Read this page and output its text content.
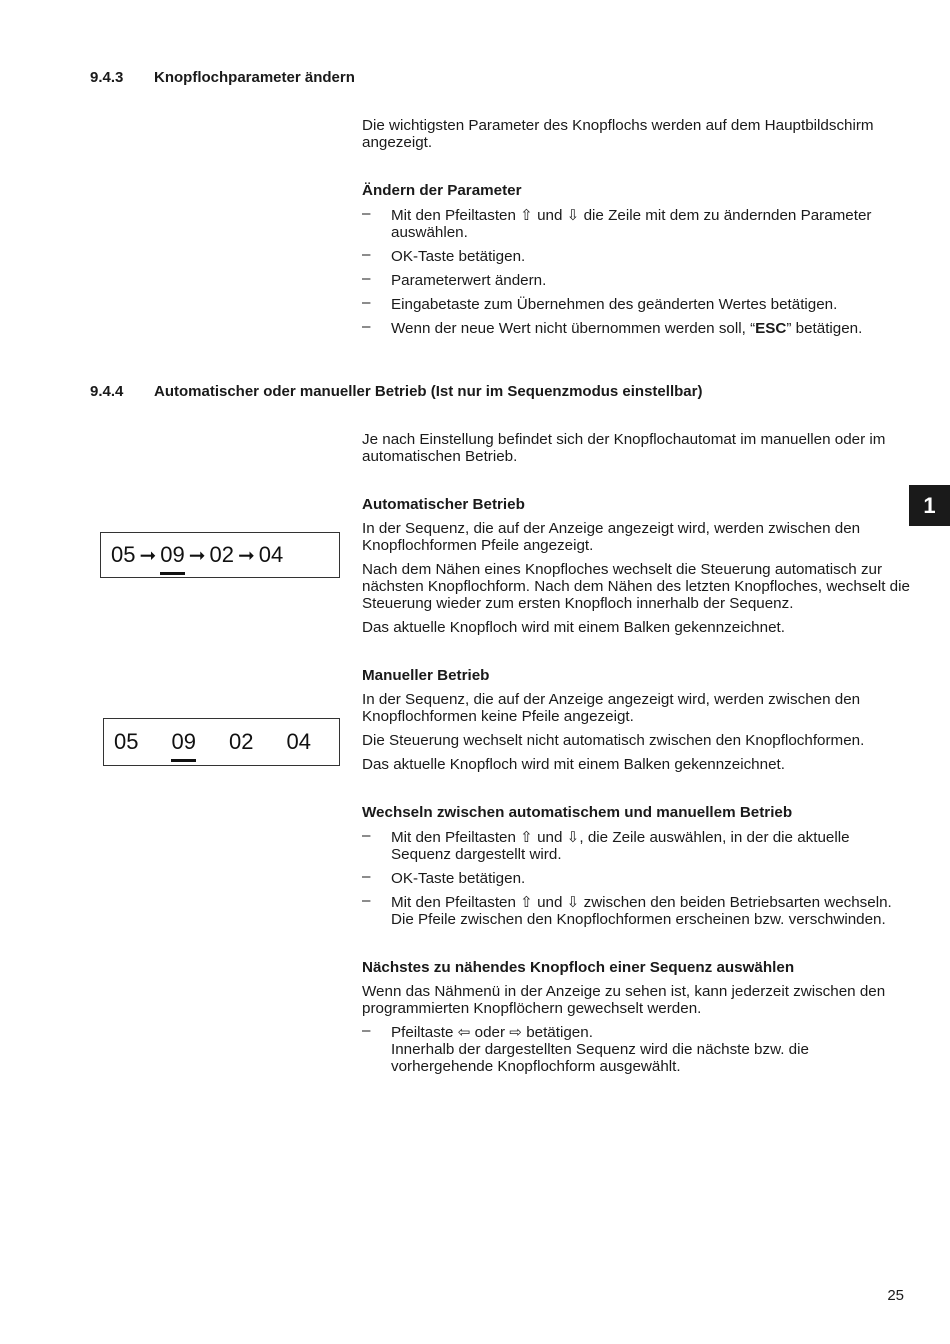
9.4.3 Knopflochparameter ändern

Die wichtigsten Parameter des Knopflochs werden auf dem Hauptbildschirm angezeigt.

Ändern der Parameter

– Mit den Pfeiltasten ⇧ und ⇩ die Zeile mit dem zu ändernden Parameter auswählen.

– OK-Taste betätigen.

– Parameterwert ändern.

– Eingabetaste zum Übernehmen des geänderten Wertes betätigen.

– Wenn der neue Wert nicht übernommen werden soll, “ESC” betätigen.

9.4.4 Automatischer oder manueller Betrieb (Ist nur im Sequenzmodus einstellbar)
1
05 ➞ 09 ➞ 02 ➞ 04
05 09 02 04

Je nach Einstellung befindet sich der Knopflochautomat im manuellen oder im automatischen Betrieb.

Automatischer Betrieb

In der Sequenz, die auf der Anzeige angezeigt wird, werden zwischen den Knopflochformen Pfeile angezeigt.

Nach dem Nähen eines Knopfloches wechselt die Steuerung automatisch zur nächsten Knopflochform. Nach dem Nähen des letzten Knopfloches, wechselt die Steuerung wieder zum ersten Knopfloch innerhalb der Sequenz.

Das aktuelle Knopfloch wird mit einem Balken gekennzeichnet.

Manueller Betrieb

In der Sequenz, die auf der Anzeige angezeigt wird, werden zwischen den Knopflochformen keine Pfeile angezeigt.

Die Steuerung wechselt nicht automatisch zwischen den Knopflochformen.

Das aktuelle Knopfloch wird mit einem Balken gekennzeichnet.

Wechseln zwischen automatischem und manuellem Betrieb

– Mit den Pfeiltasten ⇧ und ⇩, die Zeile auswählen, in der die aktuelle Sequenz dargestellt wird.

– OK-Taste betätigen.

– Mit den Pfeiltasten ⇧ und ⇩ zwischen den beiden Betriebsarten wechseln.
Die Pfeile zwischen den Knopflochformen erscheinen bzw. verschwinden.

Nächstes zu nähendes Knopfloch einer Sequenz auswählen

Wenn das Nähmenü in der Anzeige zu sehen ist, kann jederzeit zwischen den programmierten Knopflöchern gewechselt werden.

– Pfeiltaste ⇦ oder ⇨ betätigen.
Innerhalb der dargestellten Sequenz wird die nächste bzw. die vorhergehende Knopflochform ausgewählt.

25
